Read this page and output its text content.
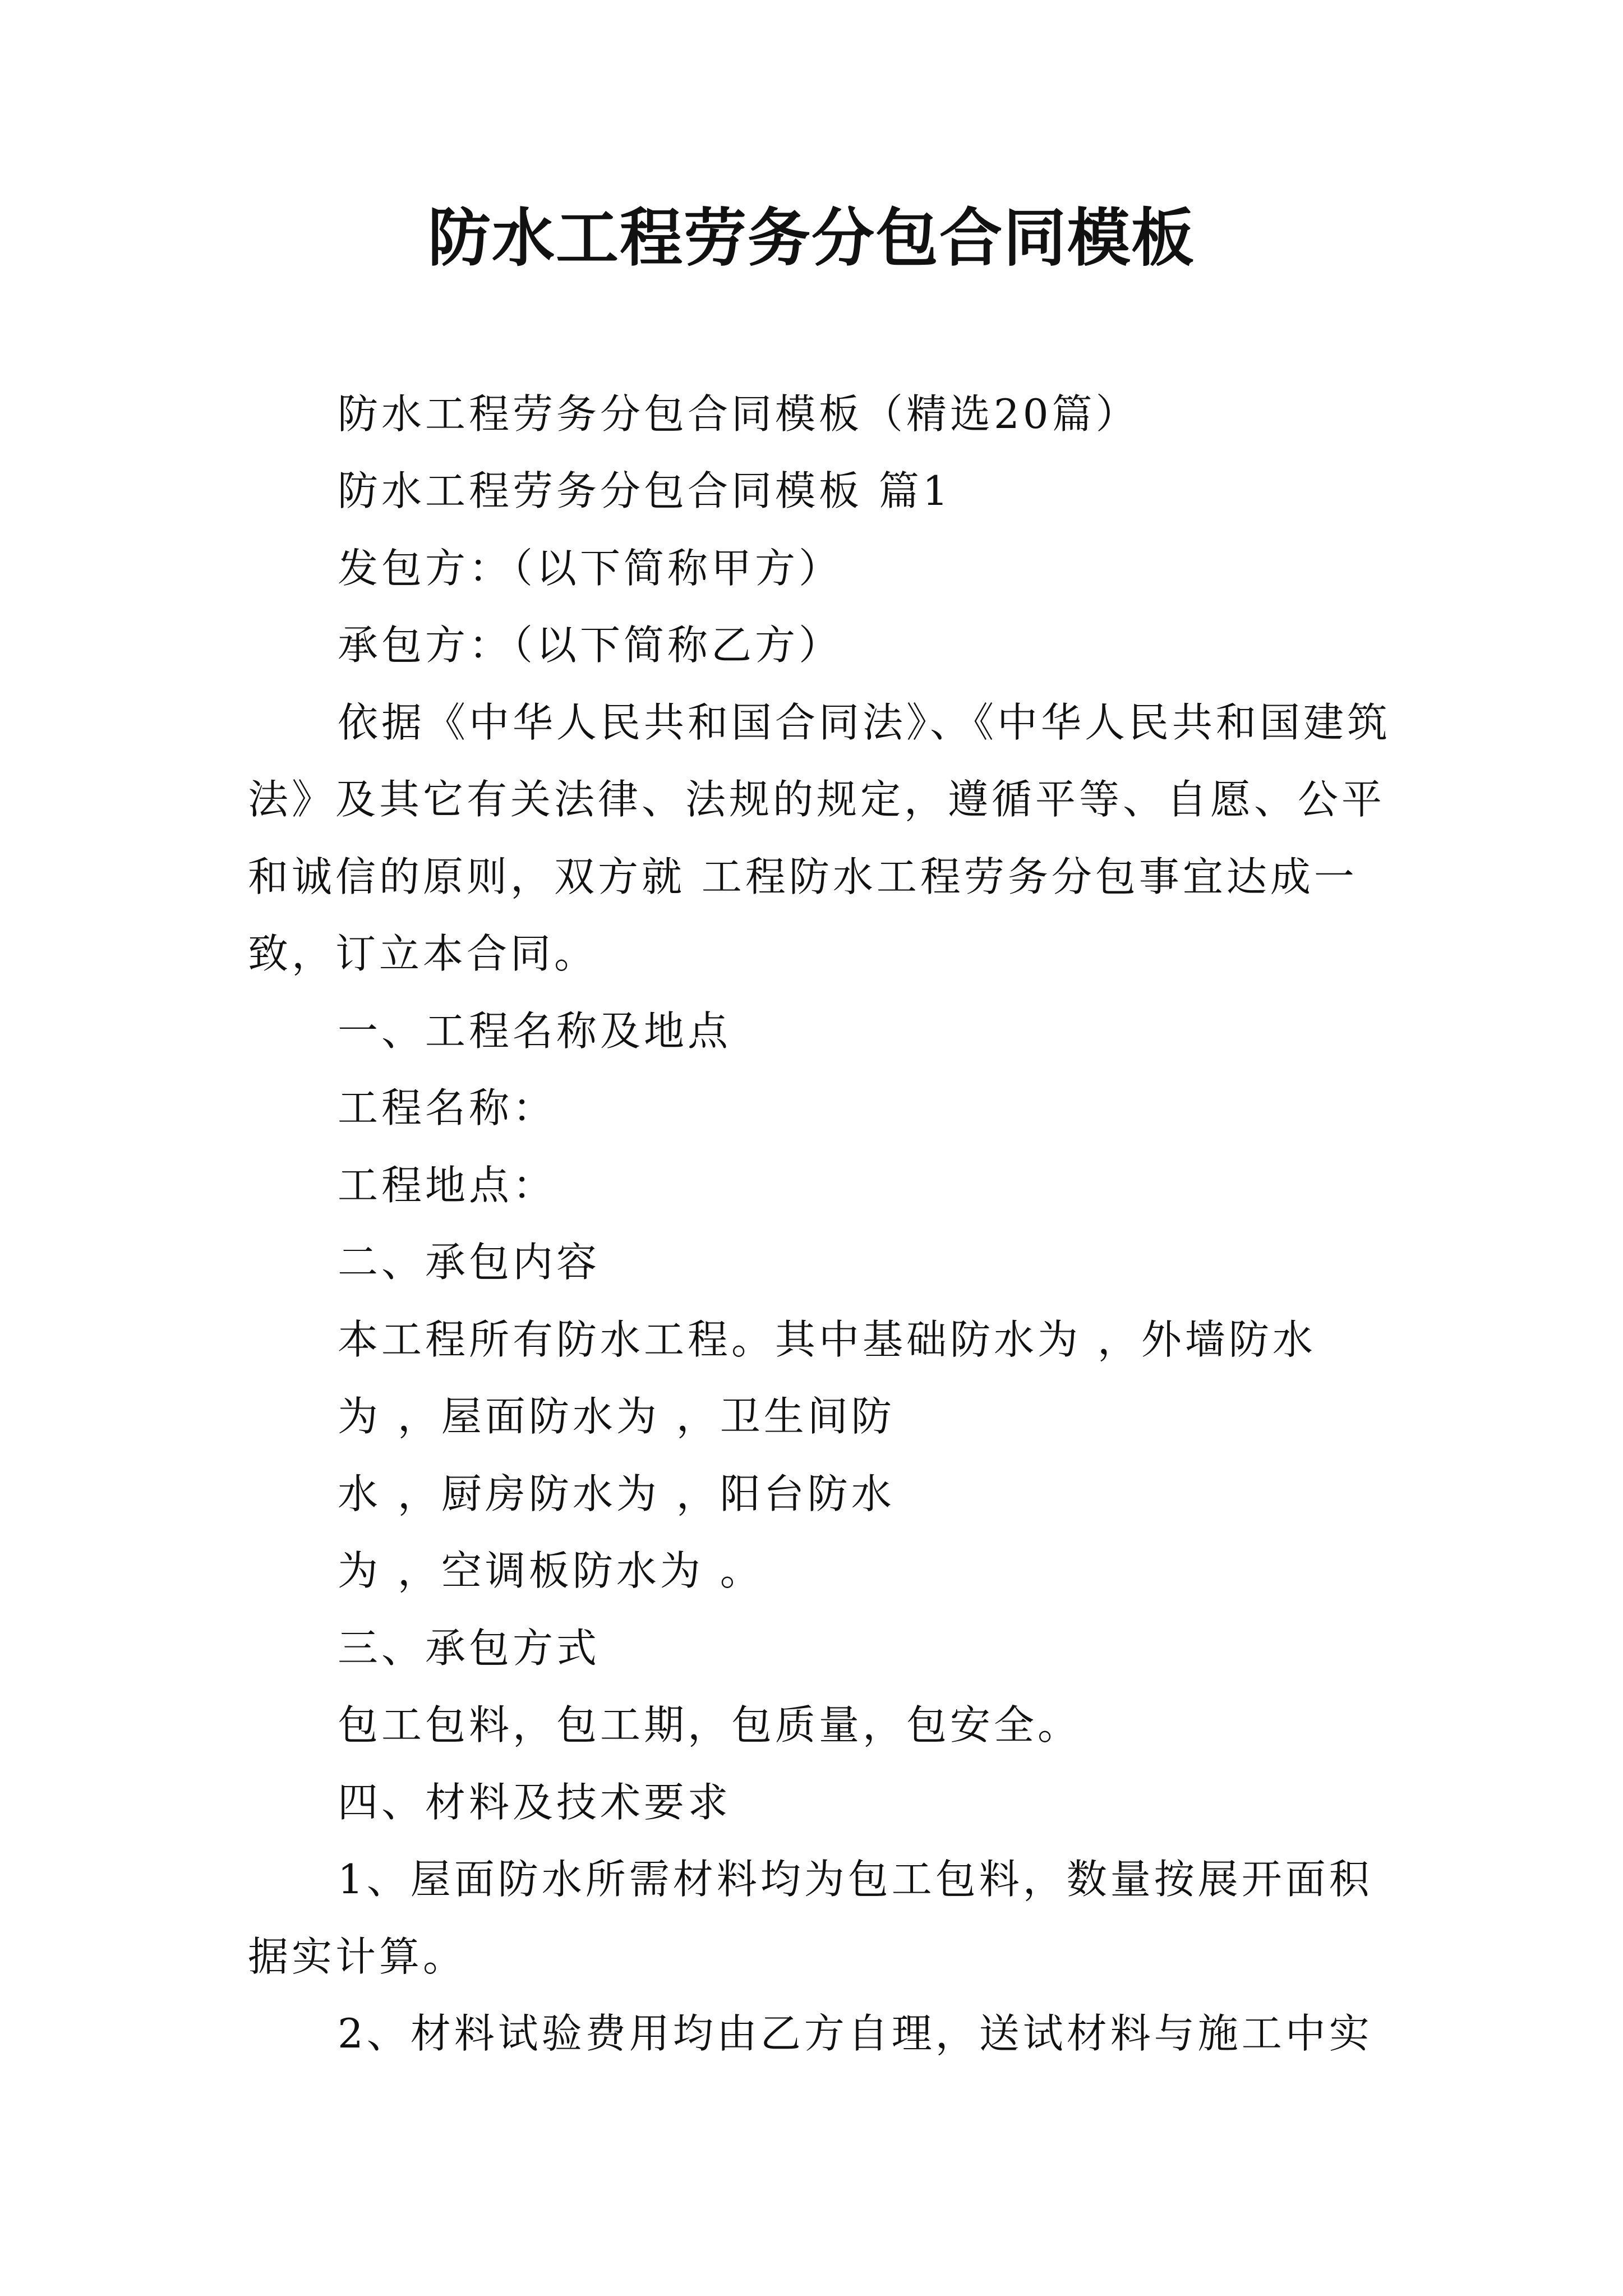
防水工程劳务分包合同模板
防水工程劳务分包合同模板（精选20篇）
防水工程劳务分包合同模板 篇1
发包方：（以下简称甲方）
承包方：（以下简称乙方）
依据《中华人民共和国合同法》、《中华人民共和国建筑
法》及其它有关法律、法规的规定，遵循平等、自愿、公平
和诚信的原则，双方就 工程防水工程劳务分包事宜达成一
致，订立本合同。
一、工程名称及地点
工程名称：
工程地点：
二、承包内容
本工程所有防水工程。其中基础防水为 ，外墙防水
为 ，屋面防水为 ，卫生间防
水 ，厨房防水为 ，阳台防水
为 ，空调板防水为 。
三、承包方式
包工包料，包工期，包质量，包安全。
四、材料及技术要求
1、屋面防水所需材料均为包工包料，数量按展开面积
据实计算。
2、材料试验费用均由乙方自理，送试材料与施工中实
